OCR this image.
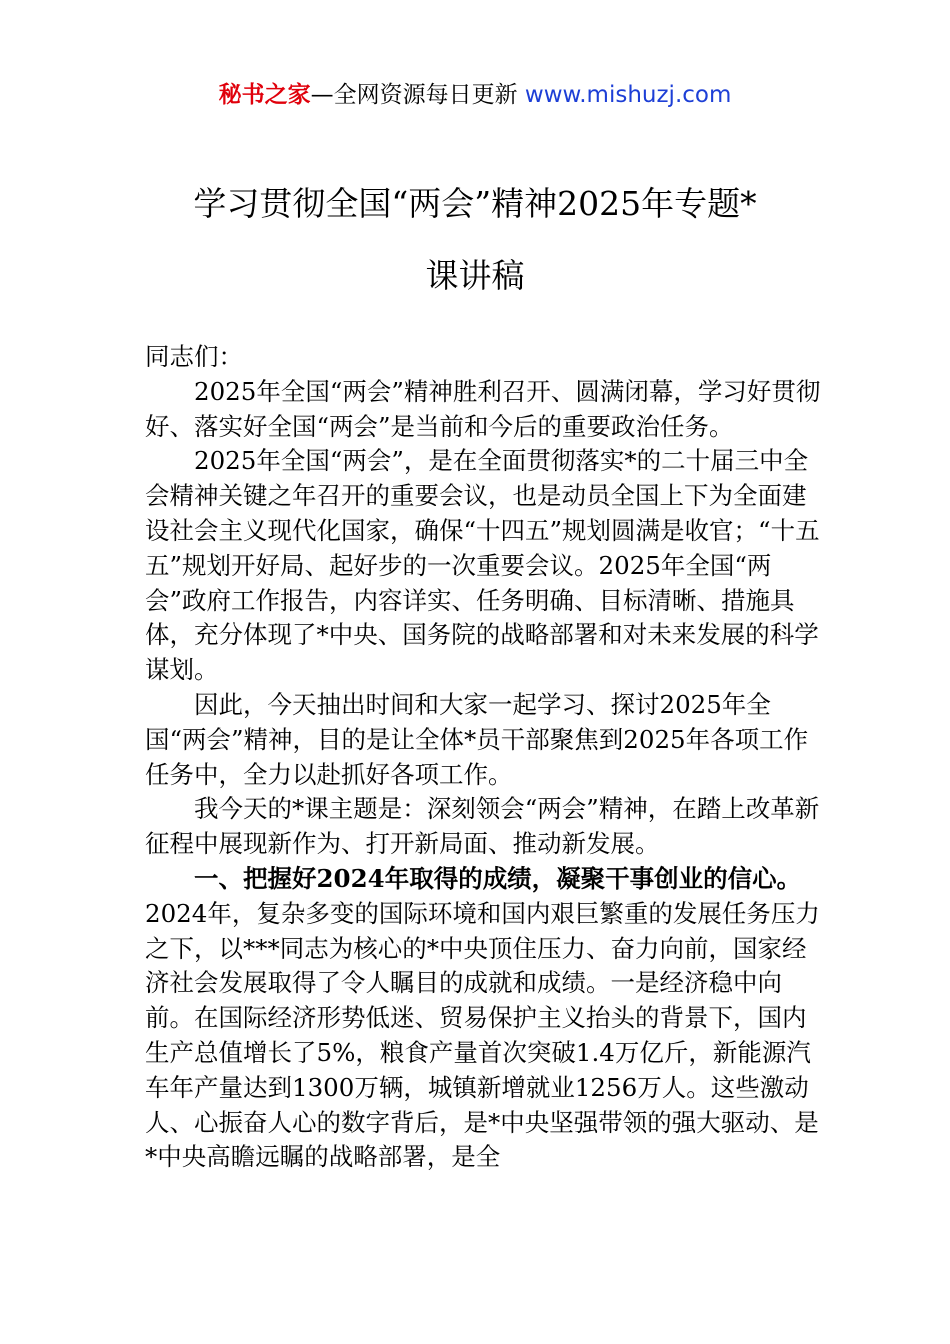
秘书之家—全网资源每日更新 www.mishuzj.com
学习贯彻全国“两会”精神2025年专题*
课讲稿

同志们：

2025年全国“两会”精神胜利召开、圆满闭幕，学习好贯彻好、落实好全国“两会”是当前和今后的重要政治任务。

2025年全国“两会”，是在全面贯彻落实*的二十届三中全会精神关键之年召开的重要会议，也是动员全国上下为全面建设社会主义现代化国家，确保“十四五”规划圆满是收官；“十五五”规划开好局、起好步的一次重要会议。2025年全国“两会”政府工作报告，内容详实、任务明确、目标清晰、措施具体，充分体现了*中央、国务院的战略部署和对未来发展的科学谋划。

因此，今天抽出时间和大家一起学习、探讨2025年全国“两会”精神，目的是让全体*员干部聚焦到2025年各项工作任务中，全力以赴抓好各项工作。

我今天的*课主题是：深刻领会“两会”精神，在踏上改革新征程中展现新作为、打开新局面、推动新发展。

一、把握好2024年取得的成绩，凝聚干事创业的信心。2024年，复杂多变的国际环境和国内艰巨繁重的发展任务压力之下，以***同志为核心的*中央顶住压力、奋力向前，国家经济社会发展取得了令人瞩目的成就和成绩。一是经济稳中向前。在国际经济形势低迷、贸易保护主义抬头的背景下，国内生产总值增长了5%，粮食产量首次突破1.4万亿斤，新能源汽车年产量达到1300万辆，城镇新增就业1256万人。这些激动人、心振奋人心的数字背后，是*中央坚强带领的强大驱动、是*中央高瞻远瞩的战略部署，是全
